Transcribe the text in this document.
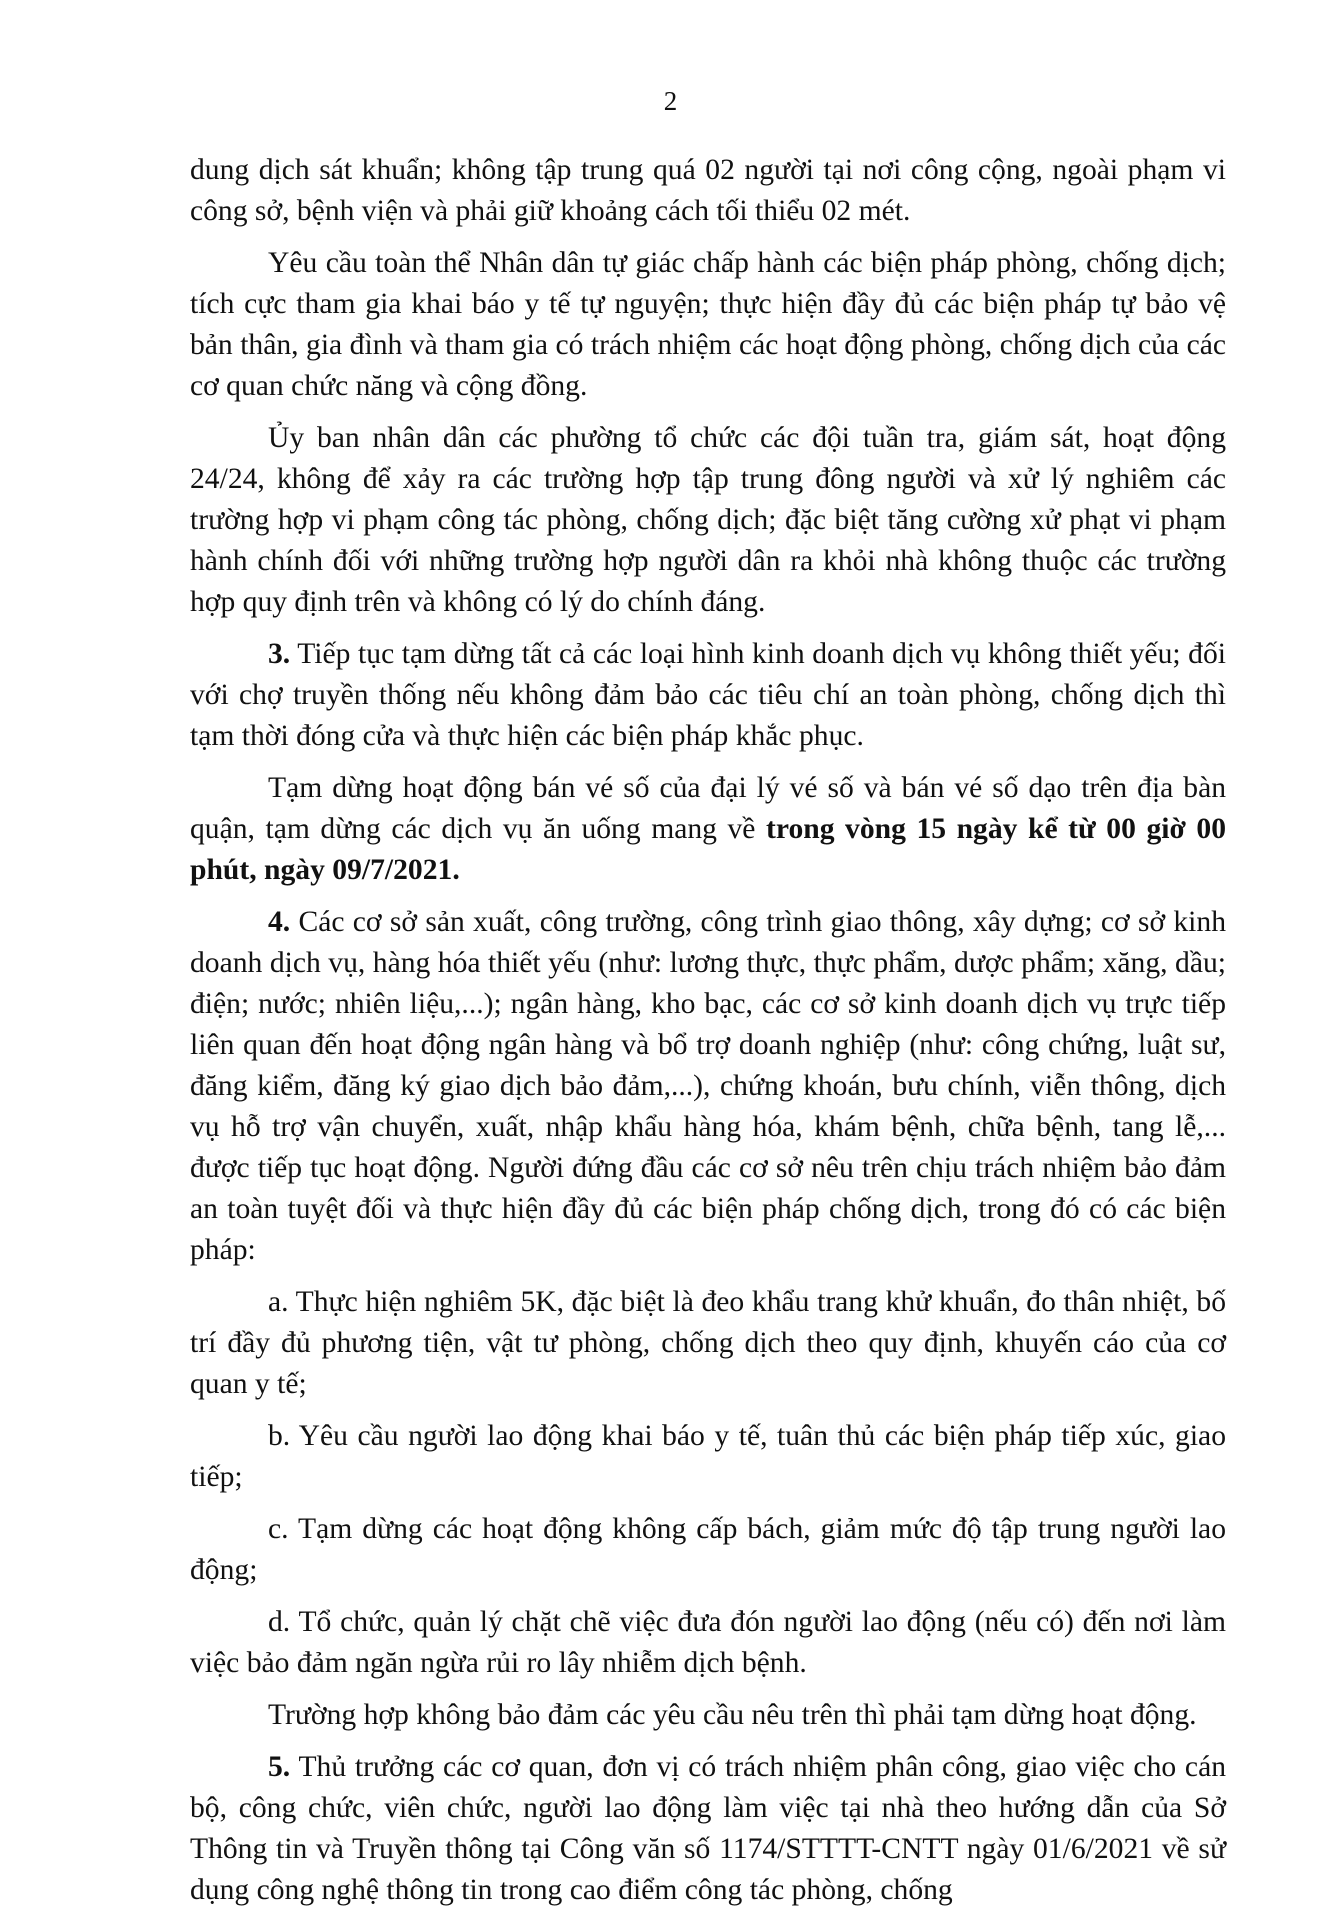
2

dung dịch sát khuẩn; không tập trung quá 02 người tại nơi công cộng, ngoài phạm vi công sở, bệnh viện và phải giữ khoảng cách tối thiểu 02 mét.

Yêu cầu toàn thể Nhân dân tự giác chấp hành các biện pháp phòng, chống dịch; tích cực tham gia khai báo y tế tự nguyện; thực hiện đầy đủ các biện pháp tự bảo vệ bản thân, gia đình và tham gia có trách nhiệm các hoạt động phòng, chống dịch của các cơ quan chức năng và cộng đồng.

Ủy ban nhân dân các phường tổ chức các đội tuần tra, giám sát, hoạt động 24/24, không để xảy ra các trường hợp tập trung đông người và xử lý nghiêm các trường hợp vi phạm công tác phòng, chống dịch; đặc biệt tăng cường xử phạt vi phạm hành chính đối với những trường hợp người dân ra khỏi nhà không thuộc các trường hợp quy định trên và không có lý do chính đáng.

3. Tiếp tục tạm dừng tất cả các loại hình kinh doanh dịch vụ không thiết yếu; đối với chợ truyền thống nếu không đảm bảo các tiêu chí an toàn phòng, chống dịch thì tạm thời đóng cửa và thực hiện các biện pháp khắc phục.

Tạm dừng hoạt động bán vé số của đại lý vé số và bán vé số dạo trên địa bàn quận, tạm dừng các dịch vụ ăn uống mang về trong vòng 15 ngày kể từ 00 giờ 00 phút, ngày 09/7/2021.

4. Các cơ sở sản xuất, công trường, công trình giao thông, xây dựng; cơ sở kinh doanh dịch vụ, hàng hóa thiết yếu (như: lương thực, thực phẩm, dược phẩm; xăng, dầu; điện; nước; nhiên liệu,...); ngân hàng, kho bạc, các cơ sở kinh doanh dịch vụ trực tiếp liên quan đến hoạt động ngân hàng và bổ trợ doanh nghiệp (như: công chứng, luật sư, đăng kiểm, đăng ký giao dịch bảo đảm,...), chứng khoán, bưu chính, viễn thông, dịch vụ hỗ trợ vận chuyển, xuất, nhập khẩu hàng hóa, khám bệnh, chữa bệnh, tang lễ,... được tiếp tục hoạt động. Người đứng đầu các cơ sở nêu trên chịu trách nhiệm bảo đảm an toàn tuyệt đối và thực hiện đầy đủ các biện pháp chống dịch, trong đó có các biện pháp:

a. Thực hiện nghiêm 5K, đặc biệt là đeo khẩu trang khử khuẩn, đo thân nhiệt, bố trí đầy đủ phương tiện, vật tư phòng, chống dịch theo quy định, khuyến cáo của cơ quan y tế;

b. Yêu cầu người lao động khai báo y tế, tuân thủ các biện pháp tiếp xúc, giao tiếp;

c. Tạm dừng các hoạt động không cấp bách, giảm mức độ tập trung người lao động;

d. Tổ chức, quản lý chặt chẽ việc đưa đón người lao động (nếu có) đến nơi làm việc bảo đảm ngăn ngừa rủi ro lây nhiễm dịch bệnh.

Trường hợp không bảo đảm các yêu cầu nêu trên thì phải tạm dừng hoạt động.

5. Thủ trưởng các cơ quan, đơn vị có trách nhiệm phân công, giao việc cho cán bộ, công chức, viên chức, người lao động làm việc tại nhà theo hướng dẫn của Sở Thông tin và Truyền thông tại Công văn số 1174/STTTT-CNTT ngày 01/6/2021 về sử dụng công nghệ thông tin trong cao điểm công tác phòng, chống
